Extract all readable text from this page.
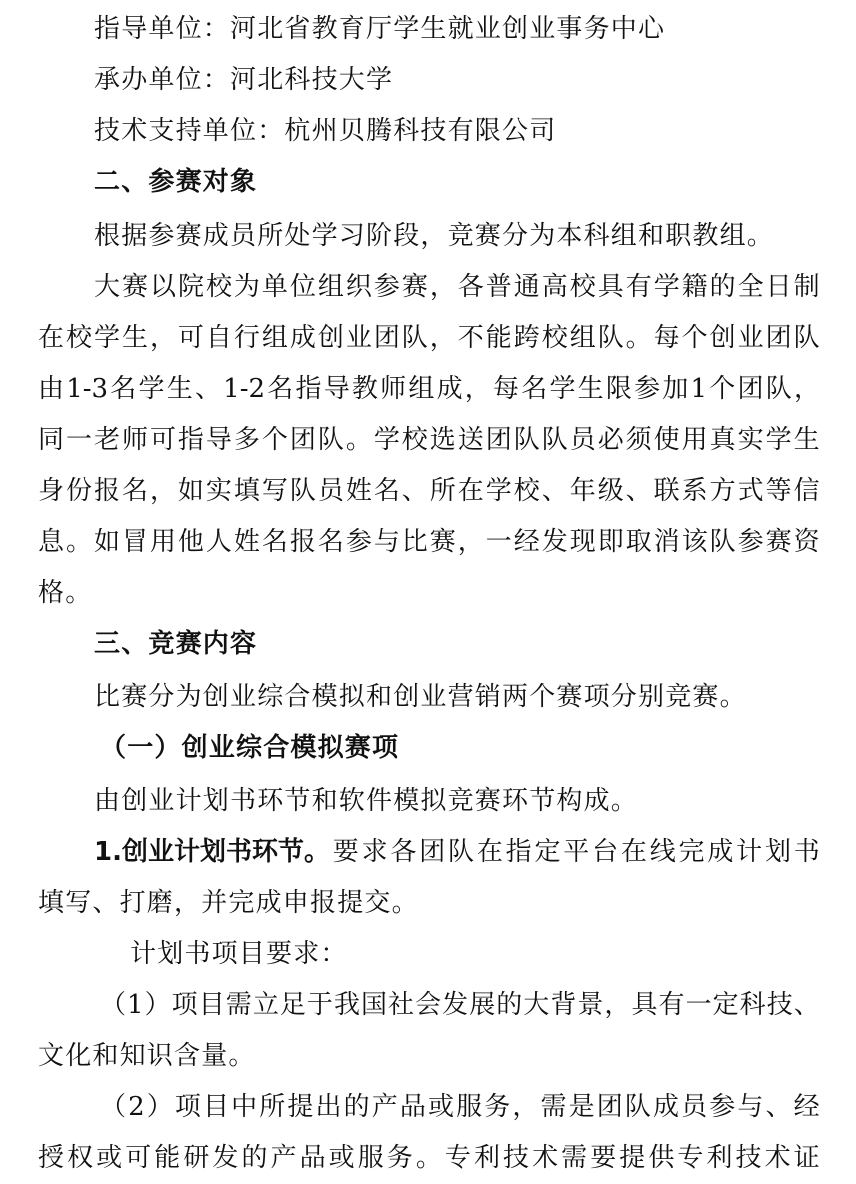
指导单位：河北省教育厅学生就业创业事务中心
承办单位：河北科技大学
技术支持单位：杭州贝腾科技有限公司
二、参赛对象
根据参赛成员所处学习阶段，竞赛分为本科组和职教组。
大 赛 以 院 校 为 单 位 组 织 参 赛 ， 各 普 通 高 校 具 有 学 籍 的 全 日 制
在 校 学 生 ， 可 自 行 组 成 创 业 团 队 ， 不 能 跨 校 组 队 。 每 个 创 业 团 队
由 1-3 名 学 生 、 1-2 名 指 导 教 师 组 成 ， 每 名 学 生 限 参 加 1 个 团 队 ，
同 一 老 师 可 指 导 多 个 团 队 。 学 校 选 送 团 队 队 员 必 须 使 用 真 实 学 生
身 份 报 名 ， 如 实 填 写 队 员 姓 名 、 所 在 学 校 、 年 级 、 联 系 方 式 等 信
息 。 如 冒 用 他 人 姓 名 报 名 参 与 比 赛 ， 一 经 发 现 即 取 消 该 队 参 赛 资
格。
三、竞赛内容
比赛分为创业综合模拟和创业营销两个赛项分别竞赛。
（一）创业综合模拟赛项
由创业计划书环节和软件模拟竞赛环节构成。
1.创业计划书环节。 要 求 各 团 队 在 指 定 平 台 在 线 完 成 计 划 书
填写、打磨，并完成申报提交。
计划书项目要求：
（ 1 ） 项 目 需 立 足 于 我 国 社 会 发 展 的 大 背 景 ， 具 有 一 定 科 技 、
文化和知识含量。
（ 2 ） 项 目 中 所 提 出 的 产 品 或 服 务 ， 需 是 团 队 成 员 参 与 、 经
授 权 或 可 能 研 发 的 产 品 或 服 务 。 专 利 技 术 需 要 提 供 专 利 技 术 证
